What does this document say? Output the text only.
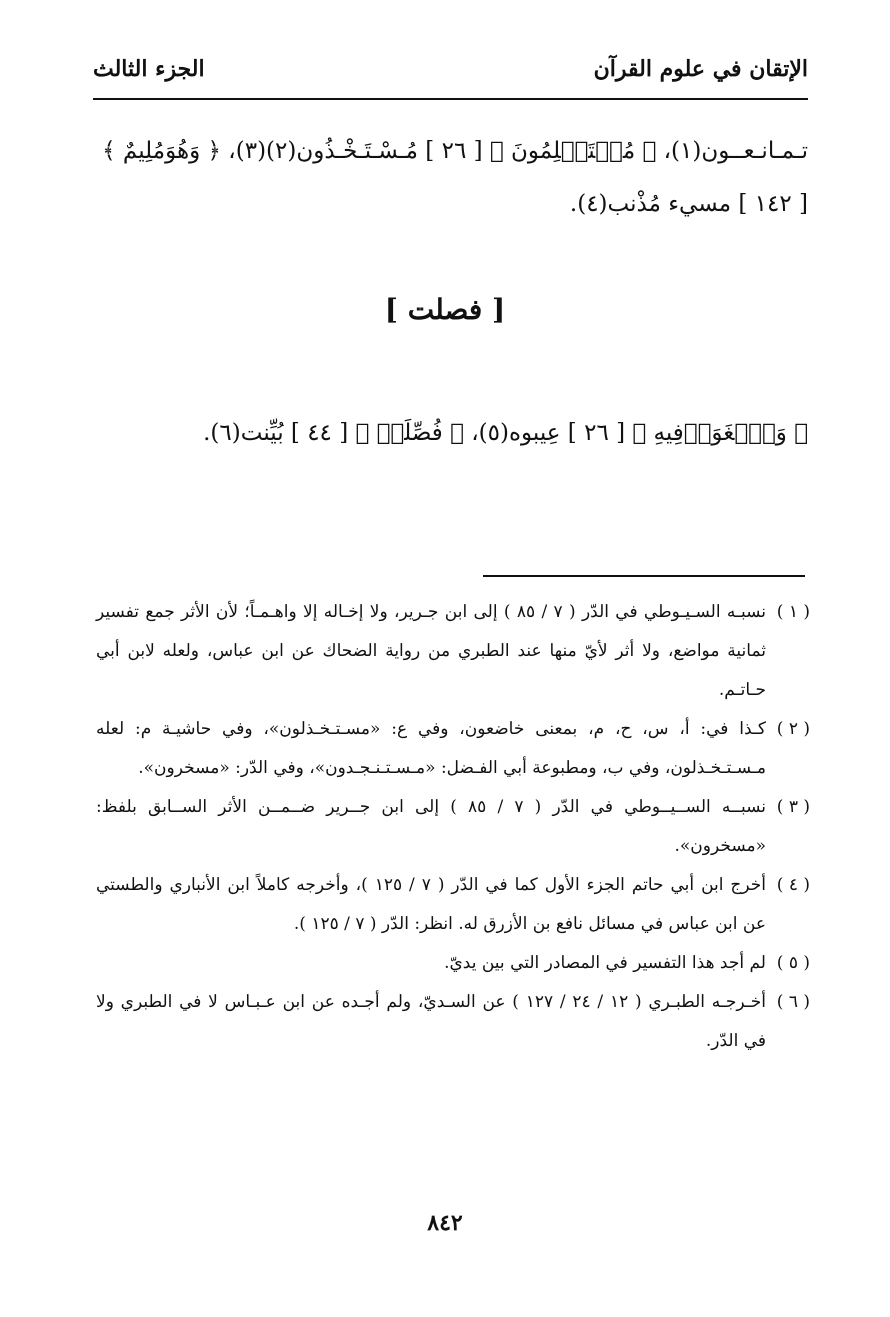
الإتقان في علوم القرآن
الجزء الثالث
تـمـانـعــون(١)، ﴿ مُسۡتَسۡلِمُونَ ﴾ [ ٢٦ ] مُـسْـتَـخْـذُون(٢)(٣)، ﴿ وَهُوَمُلِيمٌ ﴾
[ ١٤٢ ] مسيء مُذْنب(٤).
[ فصلت ]
﴿ وَٱلۡغَوَاۡفِيهِ ﴾ [ ٢٦ ] عِيبوه(٥)، ﴿ فُصِّلَتۡ ﴾ [ ٤٤ ] بُيِّنت(٦).
( ١ )
نسبـه السـيـوطي في الدّر ( ٧ / ٨٥ ) إلى ابن جـرير، ولا إخـاله إلا واهـمـاً؛ لأن الأثر جمع تفسير ثمانية مواضع، ولا أثر لأيّ منها عند الطبري من رواية الضحاك عن ابن عباس، ولعله لابن أبي حـاتـم.
( ٢ )
كـذا في: أ، س، ح، م، بمعنى خاضعون، وفي ع: «مسـتـخـذلون»، وفي حاشيـة م: لعله مـسـتـخـذلون، وفي ب، ومطبوعة أبي الفـضل: «مـسـتـنـجـدون»، وفي الدّر: «مسخرون».
( ٣ )
نسبــه الســيــوطي في الدّر ( ٧ / ٨٥ ) إلى ابن جــرير ضــمــن الأثر الســابق بلفظ: «مسخرون».
( ٤ )
أخرج ابن أبي حاتم الجزء الأول كما في الدّر ( ٧ / ١٢٥ )، وأخرجه كاملاً ابن الأنباري والطستي عن ابن عباس في مسائل نافع بن الأزرق له. انظر: الدّر ( ٧ / ١٢٥ ).
( ٥ )
لم أجد هذا التفسير في المصادر التي بين يديّ.
( ٦ )
أخـرجـه الطبـري ( ١٢ / ٢٤ / ١٢٧ ) عن السـديّ، ولم أجـده عن ابن عـبـاس لا في الطبري ولا في الدّر.
٨٤٢
